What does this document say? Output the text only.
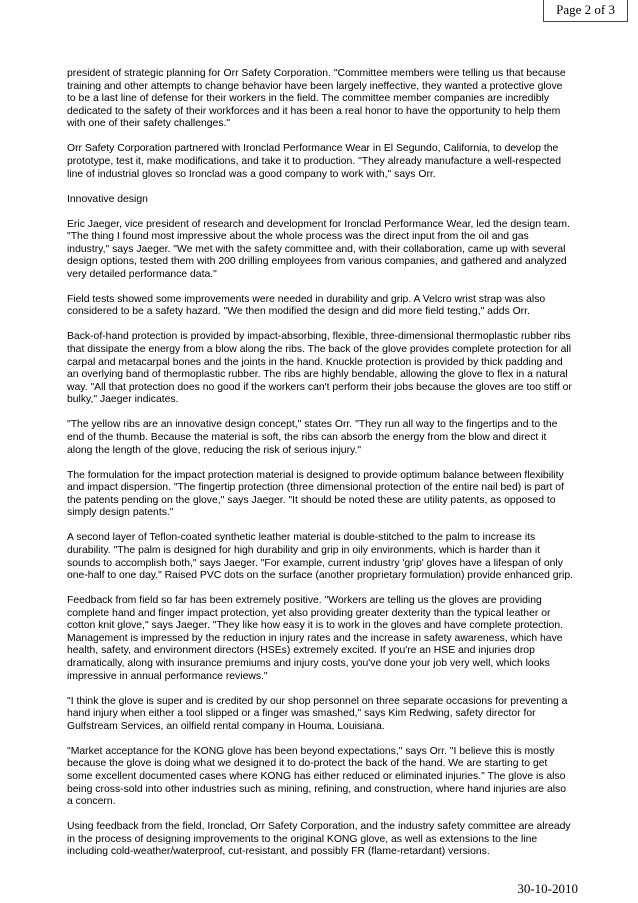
Page 2 of 3

president of strategic planning for Orr Safety Corporation. "Committee members were telling us that because training and other attempts to change behavior have been largely ineffective, they wanted a protective glove to be a last line of defense for their workers in the field. The committee member companies are incredibly dedicated to the safety of their workforces and it has been a real honor to have the opportunity to help them with one of their safety challenges."

Orr Safety Corporation partnered with Ironclad Performance Wear in El Segundo, California, to develop the prototype, test it, make modifications, and take it to production. "They already manufacture a well-respected line of industrial gloves so Ironclad was a good company to work with," says Orr.

Innovative design

Eric Jaeger, vice president of research and development for Ironclad Performance Wear, led the design team. "The thing I found most impressive about the whole process was the direct input from the oil and gas industry," says Jaeger. "We met with the safety committee and, with their collaboration, came up with several design options, tested them with 200 drilling employees from various companies, and gathered and analyzed very detailed performance data."

Field tests showed some improvements were needed in durability and grip. A Velcro wrist strap was also considered to be a safety hazard. "We then modified the design and did more field testing," adds Orr.

Back-of-hand protection is provided by impact-absorbing, flexible, three-dimensional thermoplastic rubber ribs that dissipate the energy from a blow along the ribs. The back of the glove provides complete protection for all carpal and metacarpal bones and the joints in the hand. Knuckle protection is provided by thick padding and an overlying band of thermoplastic rubber. The ribs are highly bendable, allowing the glove to flex in a natural way. "All that protection does no good if the workers can't perform their jobs because the gloves are too stiff or bulky," Jaeger indicates.

"The yellow ribs are an innovative design concept," states Orr. "They run all way to the fingertips and to the end of the thumb. Because the material is soft, the ribs can absorb the energy from the blow and direct it along the length of the glove, reducing the risk of serious injury."

The formulation for the impact protection material is designed to provide optimum balance between flexibility and impact dispersion. "The fingertip protection (three dimensional protection of the entire nail bed) is part of the patents pending on the glove," says Jaeger. "It should be noted these are utility patents, as opposed to simply design patents."

A second layer of Teflon-coated synthetic leather material is double-stitched to the palm to increase its durability. "The palm is designed for high durability and grip in oily environments, which is harder than it sounds to accomplish both," says Jaeger. "For example, current industry 'grip' gloves have a lifespan of only one-half to one day." Raised PVC dots on the surface (another proprietary formulation) provide enhanced grip.

Feedback from field so far has been extremely positive. "Workers are telling us the gloves are providing complete hand and finger impact protection, yet also providing greater dexterity than the typical leather or cotton knit glove," says Jaeger. "They like how easy it is to work in the gloves and have complete protection. Management is impressed by the reduction in injury rates and the increase in safety awareness, which have health, safety, and environment directors (HSEs) extremely excited. If you're an HSE and injuries drop dramatically, along with insurance premiums and injury costs, you've done your job very well, which looks impressive in annual performance reviews."

"I think the glove is super and is credited by our shop personnel on three separate occasions for preventing a hand injury when either a tool slipped or a finger was smashed," says Kim Redwing, safety director for Gulfstream Services, an oilfield rental company in Houma, Louisiana.

"Market acceptance for the KONG glove has been beyond expectations," says Orr. "I believe this is mostly because the glove is doing what we designed it to do-protect the back of the hand. We are starting to get some excellent documented cases where KONG has either reduced or eliminated injuries." The glove is also being cross-sold into other industries such as mining, refining, and construction, where hand injuries are also a concern.

Using feedback from the field, Ironclad, Orr Safety Corporation, and the industry safety committee are already in the process of designing improvements to the original KONG glove, as well as extensions to the line including cold-weather/waterproof, cut-resistant, and possibly FR (flame-retardant) versions.

30-10-2010
